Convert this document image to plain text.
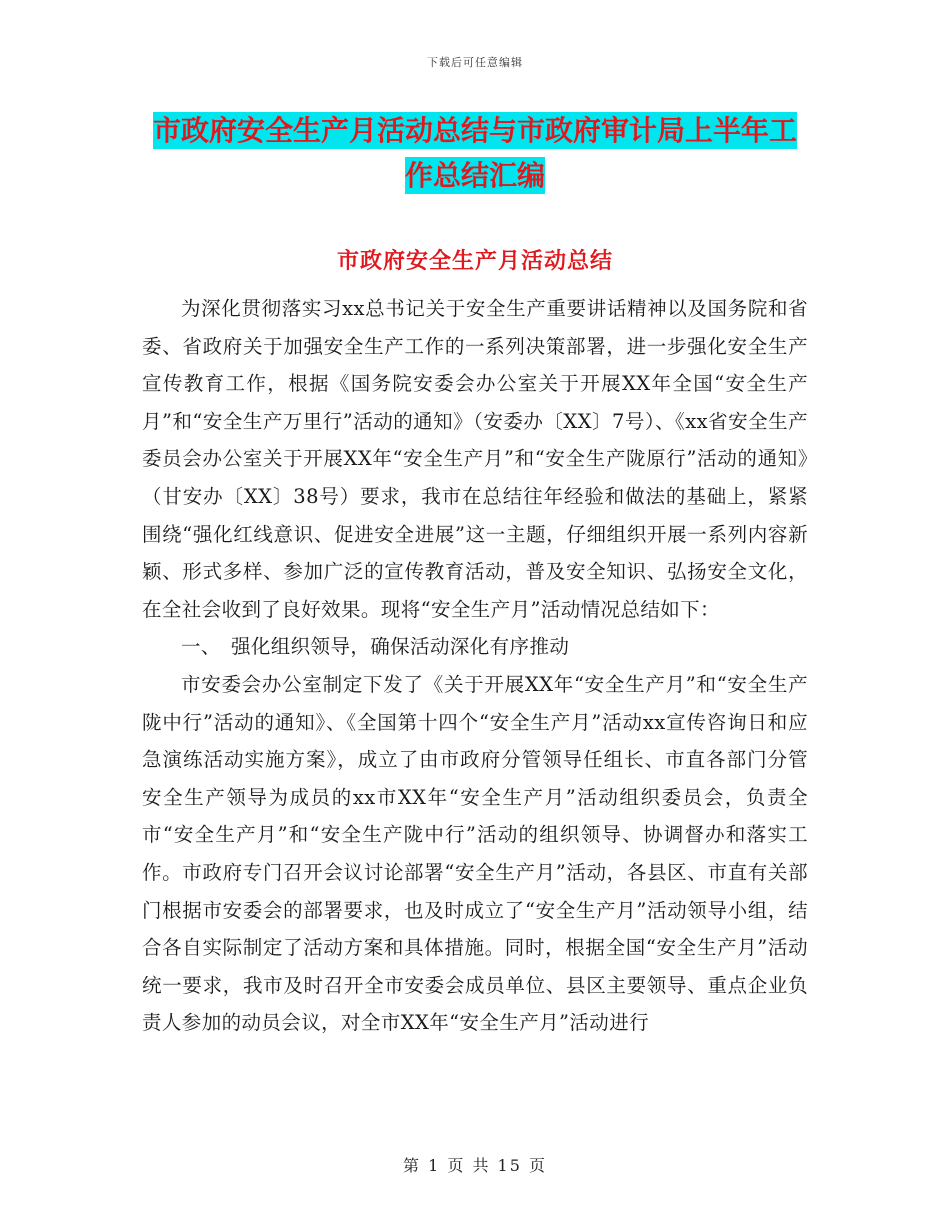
下载后可任意编辑
市政府安全生产月活动总结与市政府审计局上半年工
作总结汇编
市政府安全生产月活动总结

为深化贯彻落实习xx总书记关于安全生产重要讲话精神以及国务院和省委、省政府关于加强安全生产工作的一系列决策部署，进一步强化安全生产宣传教育工作，根据《国务院安委会办公室关于开展XX年全国“安全生产月”和“安全生产万里行”活动的通知》（安委办〔XX〕7号）、《xx省安全生产委员会办公室关于开展XX年“安全生产月”和“安全生产陇原行”活动的通知》（甘安办〔XX〕38号）要求，我市在总结往年经验和做法的基础上，紧紧围绕“强化红线意识、促进安全进展”这一主题，仔细组织开展一系列内容新颖、形式多样、参加广泛的宣传教育活动，普及安全知识、弘扬安全文化，在全社会收到了良好效果。现将“安全生产月”活动情况总结如下：

一、　强化组织领导，确保活动深化有序推动

市安委会办公室制定下发了《关于开展XX年“安全生产月”和“安全生产陇中行”活动的通知》、《全国第十四个“安全生产月”活动xx宣传咨询日和应急演练活动实施方案》，成立了由市政府分管领导任组长、市直各部门分管安全生产领导为成员的xx市XX年“安全生产月”活动组织委员会，负责全市“安全生产月”和“安全生产陇中行”活动的组织领导、协调督办和落实工作。市政府专门召开会议讨论部署“安全生产月”活动，各县区、市直有关部门根据市安委会的部署要求，也及时成立了“安全生产月”活动领导小组，结合各自实际制定了活动方案和具体措施。同时，根据全国“安全生产月”活动统一要求，我市及时召开全市安委会成员单位、县区主要领导、重点企业负责人参加的动员会议，对全市XX年“安全生产月”活动进行

第 1 页 共 15 页
